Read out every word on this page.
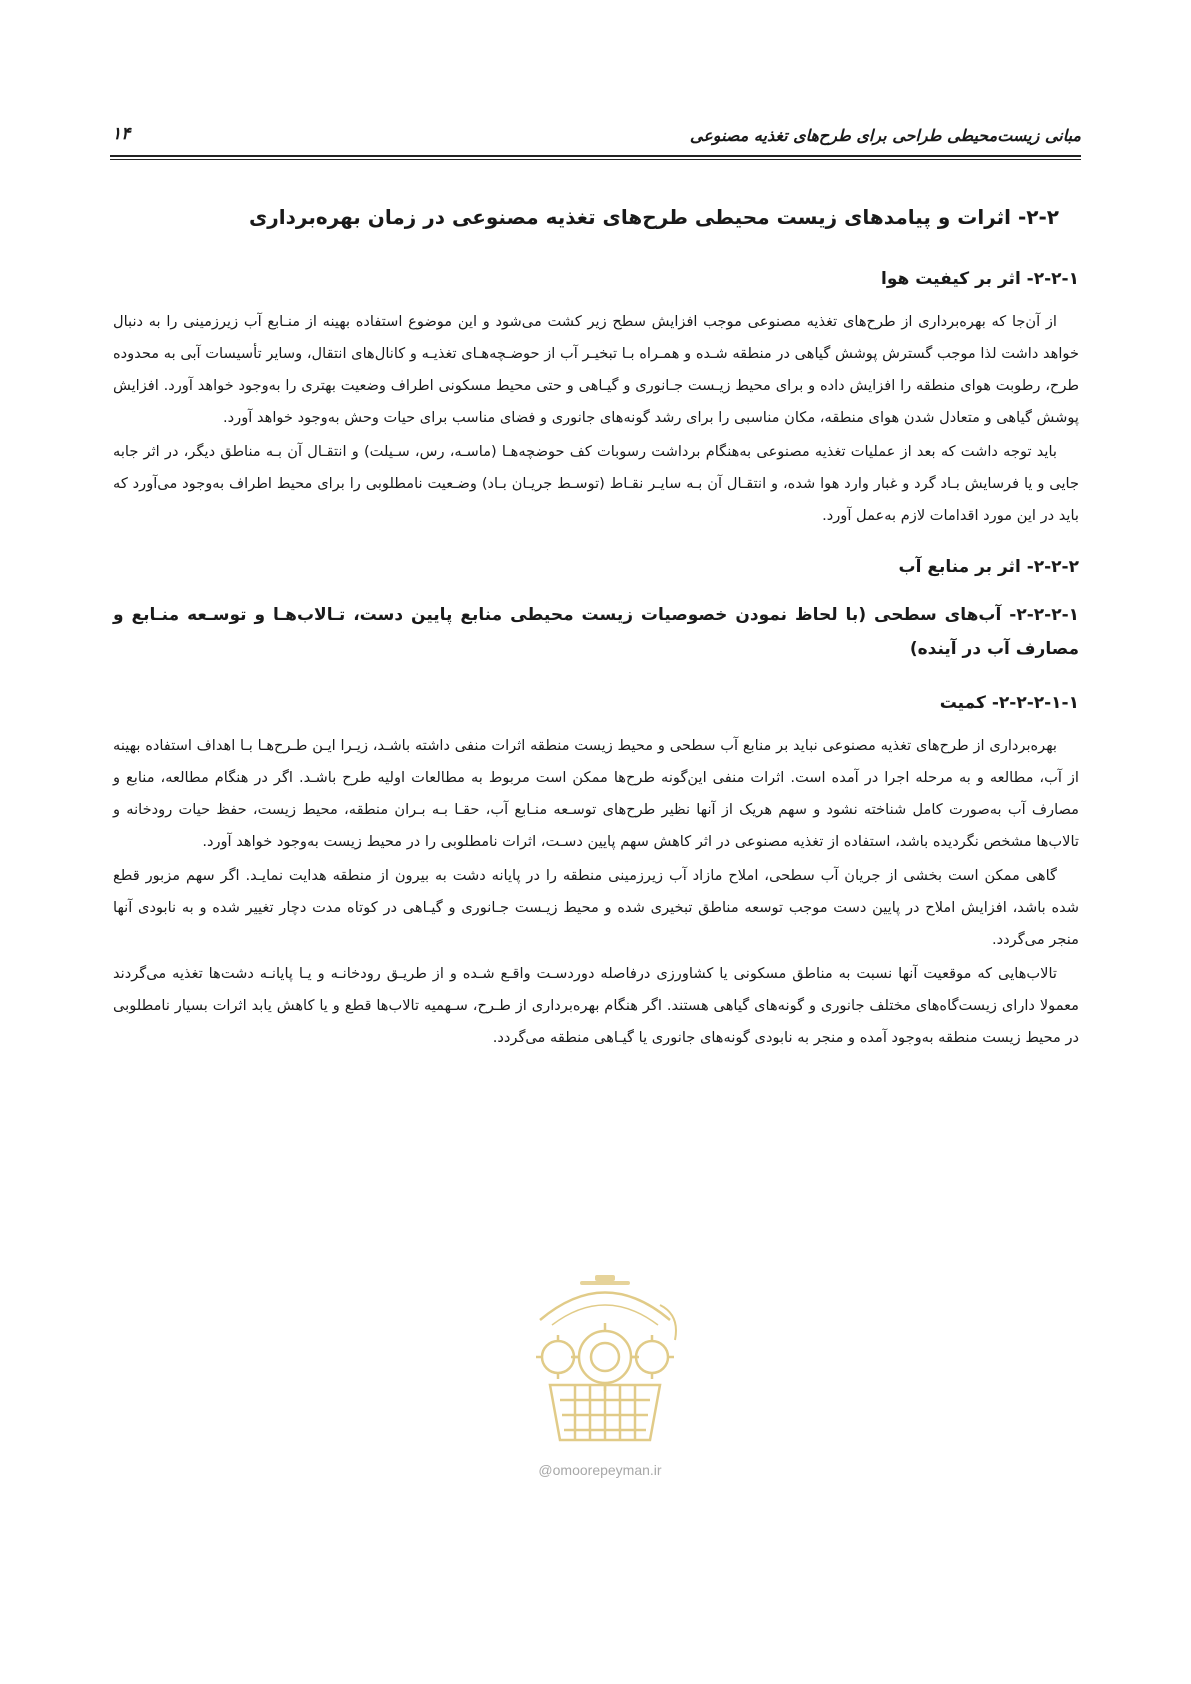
مبانی زیست‌محیطی طراحی برای طرح‌های تغذیه مصنوعی
۱۴
۲-۲- اثرات و پیامدهای زیست محیطی طرح‌های تغذیه مصنوعی در زمان بهره‌برداری
۲-۲-۱- اثر بر کیفیت هوا

از آن‌جا که بهره‌برداری از طرح‌های تغذیه مصنوعی موجب افزایش سطح زیر کشت می‌شود و این موضوع استفاده بهینه از منـابع آب زیرزمینی را به دنبال خواهد داشت لذا موجب گسترش پوشش گیاهی در منطقه شـده و همـراه بـا تبخیـر آب از حوضـچه‌هـای تغذیـه و کانال‌های انتقال، وسایر تأسیسات آبی به محدوده طرح، رطوبت هوای منطقه را افزایش داده و برای محیط زیـست جـانوری و گیـاهی و حتی محیط مسکونی اطراف وضعیت بهتری را به‌وجود خواهد آورد. افزایش پوشش گیاهی و متعادل شدن هوای منطقه، مکان مناسبی را برای رشد گونه‌های جانوری و فضای مناسب برای حیات وحش به‌وجود خواهد آورد.

باید توجه داشت که بعد از عملیات تغذیه مصنوعی به‌هنگام برداشت رسوبات کف حوضچه‌هـا (ماسـه، رس، سـیلت) و انتقـال آن بـه مناطق دیگر، در اثر جابه جایی و یا فرسایش بـاد گرد و غبار وارد هوا شده، و انتقـال آن بـه سایـر نقـاط (توسـط جریـان بـاد) وضـعیت نامطلوبی را برای محیط اطراف به‌وجود می‌آورد که باید در این مورد اقدامات لازم به‌عمل آورد.

۲-۲-۲- اثر بر منابع آب
۲-۲-۲-۱- آب‌های سطحی (با لحاظ نمودن خصوصیات زیست محیطی منابع پایین دست، تـالاب‌هـا و توسـعه منـابع و مصارف آب در آینده)
۲-۲-۲-۱-۱- کمیت

بهره‌برداری از طرح‌های تغذیه مصنوعی نباید بر منابع آب سطحی و محیط زیست منطقه اثرات منفی داشته باشـد، زیـرا ایـن طـرح‌هـا بـا اهداف استفاده بهینه از آب، مطالعه و به مرحله اجرا در آمده است. اثرات منفی این‌گونه طرح‌ها ممکن است مربوط به مطالعات اولیه طرح باشـد. اگر در هنگام مطالعه، منابع و مصارف آب به‌صورت کامل شناخته نشود و سهم هریک از آنها نظیر طرح‌های توسـعه منـابع آب، حقـا بـه بـران منطقه، محیط زیست، حفظ حیات رودخانه و تالاب‌ها مشخص نگردیده باشد، استفاده از تغذیه مصنوعی در اثر کاهش سهم پایین دسـت، اثرات نامطلوبی را در محیط زیست به‌وجود خواهد آورد.

گاهی ممکن است بخشی از جریان آب سطحی، املاح مازاد آب زیرزمینی منطقه را در پایانه دشت به بیرون از منطقه هدایت نمایـد. اگر سهم مزبور قطع شده باشد، افزایش املاح در پایین دست موجب توسعه مناطق تبخیری شده و محیط زیـست جـانوری و گیـاهی در کوتاه مدت دچار تغییر شده و به نابودی آنها منجر می‌گردد.

تالاب‌هایی که موقعیت آنها نسبت به مناطق مسکونی یا کشاورزی درفاصله دوردسـت واقـع شـده و از طریـق رودخانـه و یـا پایانـه دشت‌ها تغذیه می‌گردند معمولا دارای زیست‌گاه‌های مختلف جانوری و گونه‌های گیاهی هستند. اگر هنگام بهره‌برداری از طـرح، سـهمیه تالاب‌ها قطع و یا کاهش یابد اثرات بسیار نامطلوبی در محیط زیست منطقه به‌وجود آمده و منجر به نابودی گونه‌های جانوری یا گیـاهی منطقه می‌گردد.

@omoorepeyman.ir
